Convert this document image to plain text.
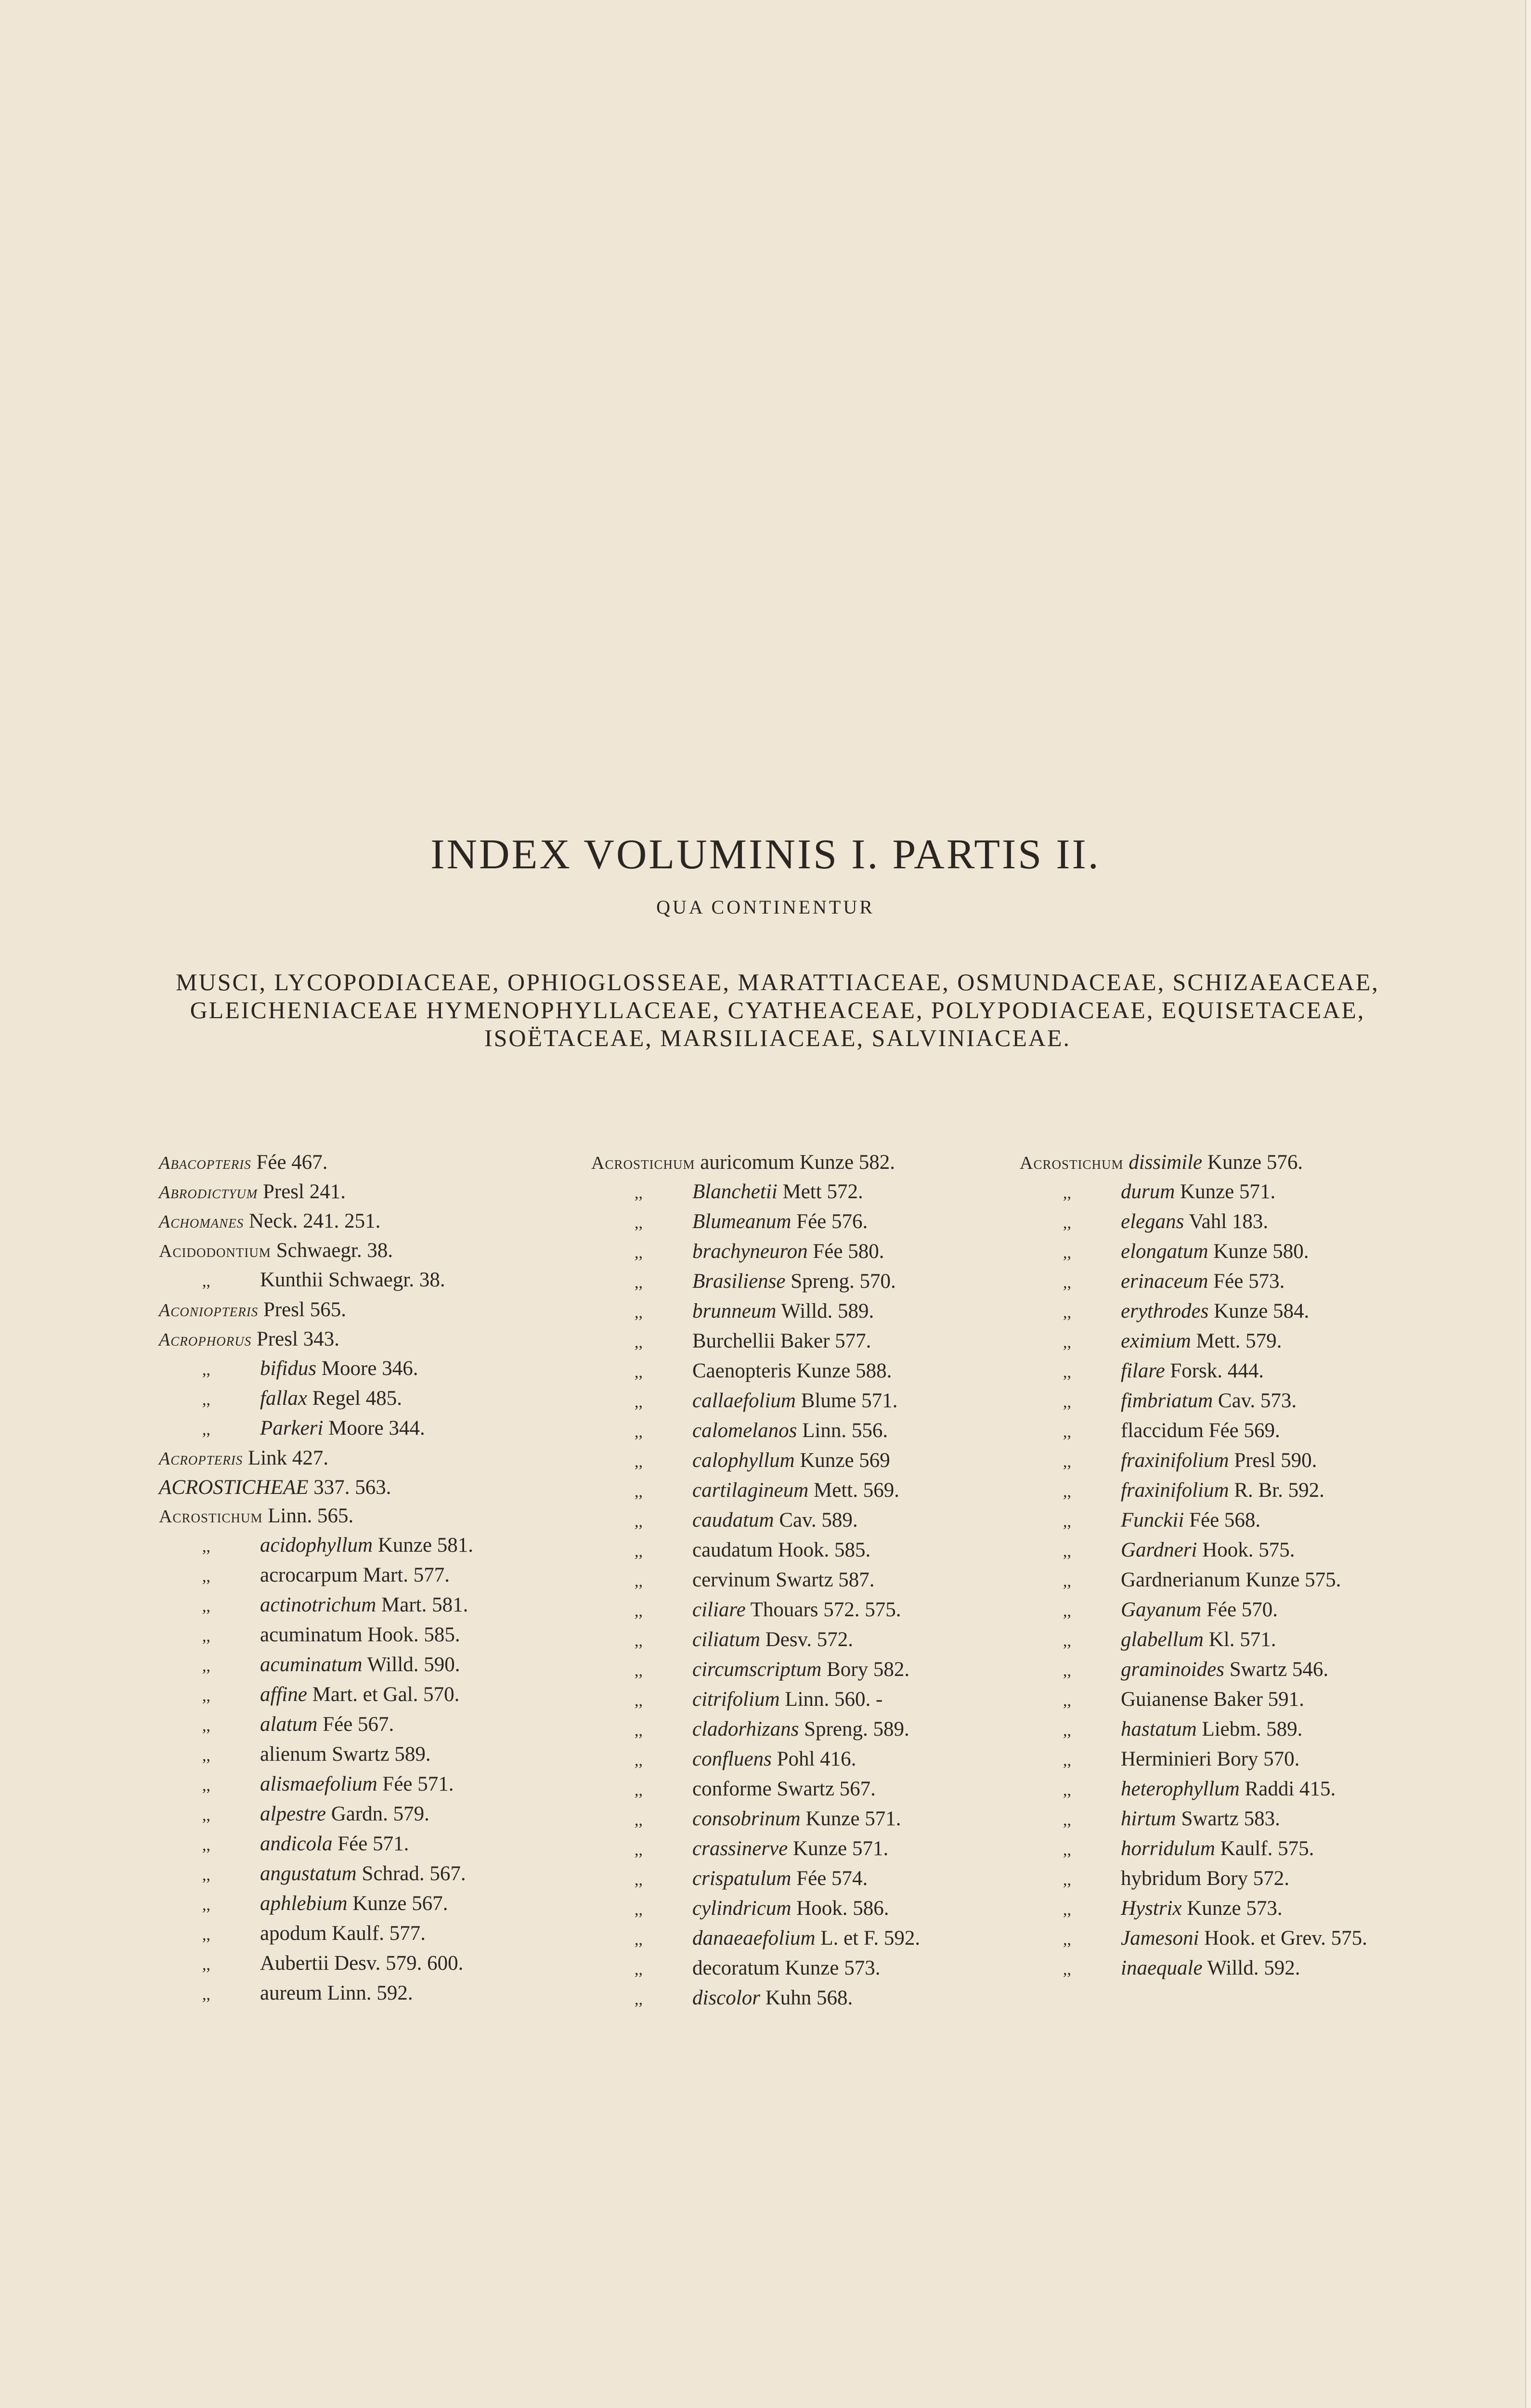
INDEX VOLUMINIS I. PARTIS II.
QUA CONTINENTUR
MUSCI, LYCOPODIACEAE, OPHIOGLOSSEAE, MARATTIACEAE, OSMUNDACEAE, SCHIZAEACEAE,
GLEICHENIACEAE HYMENOPHYLLACEAE, CYATHEACEAE, POLYPODIACEAE, EQUISETACEAE,
ISOËTACEAE, MARSILIACEAE, SALVINIACEAE.
Abacopteris Fée 467.
Abrodictyum Presl 241.
Achomanes Neck. 241. 251.
Acidodontium Schwaegr. 38.
,, Kunthii Schwaegr. 38.
Aconiopteris Presl 565.
Acrophorus Presl 343.
,, bifidus Moore 346.
,, fallax Regel 485.
,, Parkeri Moore 344.
Acropteris Link 427.
ACROSTICHEAE 337. 563.
Acrostichum Linn. 565.
,, acidophyllum Kunze 581.
,, acrocarpum Mart. 577.
,, actinotrichum Mart. 581.
,, acuminatum Hook. 585.
,, acuminatum Willd. 590.
,, affine Mart. et Gal. 570.
,, alatum Fée 567.
,, alienum Swartz 589.
,, alismaefolium Fée 571.
,, alpestre Gardn. 579.
,, andicola Fée 571.
,, angustatum Schrad. 567.
,, aphlebium Kunze 567.
,, apodum Kaulf. 577.
,, Aubertii Desv. 579. 600.
,, aureum Linn. 592.
Acrostichum auricomum Kunze 582.
,, Blanchetii Mett 572.
,, Blumeanum Fée 576.
,, brachyneuron Fée 580.
,, Brasiliense Spreng. 570.
,, brunneum Willd. 589.
,, Burchellii Baker 577.
,, Caenopteris Kunze 588.
,, callaefolium Blume 571.
,, calomelanos Linn. 556.
,, calophyllum Kunze 569
,, cartilagineum Mett. 569.
,, caudatum Cav. 589.
,, caudatum Hook. 585.
,, cervinum Swartz 587.
,, ciliare Thouars 572. 575.
,, ciliatum Desv. 572.
,, circumscriptum Bory 582.
,, citrifolium Linn. 560. -
,, cladorhizans Spreng. 589.
,, confluens Pohl 416.
,, conforme Swartz 567.
,, consobrinum Kunze 571.
,, crassinerve Kunze 571.
,, crispatulum Fée 574.
,, cylindricum Hook. 586.
,, danaeaefolium L. et F. 592.
,, decoratum Kunze 573.
,, discolor Kuhn 568.
Acrostichum dissimile Kunze 576.
,, durum Kunze 571.
,, elegans Vahl 183.
,, elongatum Kunze 580.
,, erinaceum Fée 573.
,, erythrodes Kunze 584.
,, eximium Mett. 579.
,, filare Forsk. 444.
,, fimbriatum Cav. 573.
,, flaccidum Fée 569.
,, fraxinifolium Presl 590.
,, fraxinifolium R. Br. 592.
,, Funckii Fée 568.
,, Gardneri Hook. 575.
,, Gardnerianum Kunze 575.
,, Gayanum Fée 570.
,, glabellum Kl. 571.
,, graminoides Swartz 546.
,, Guianense Baker 591.
,, hastatum Liebm. 589.
,, Herminieri Bory 570.
,, heterophyllum Raddi 415.
,, hirtum Swartz 583.
,, horridulum Kaulf. 575.
,, hybridum Bory 572.
,, Hystrix Kunze 573.
,, Jamesoni Hook. et Grev. 575.
,, inaequale Willd. 592.
